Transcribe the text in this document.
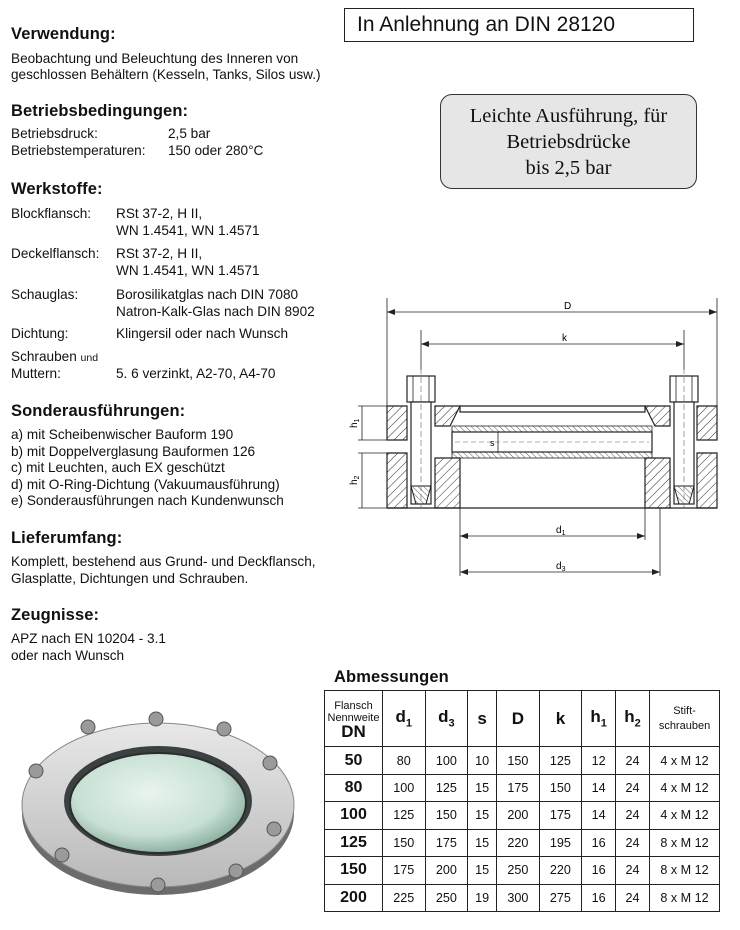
In Anlehnung an DIN 28120
Leichte Ausführung, für
Betriebsdrücke
bis 2,5 bar
Verwendung:
Beobachtung und Beleuchtung des Inneren von
geschlossen Behältern (Kesseln, Tanks, Silos usw.)
Betriebsbedingungen:
Betriebsdruck:	2,5 bar
Betriebstemperaturen: 150 oder 280°C
Werkstoffe:
Blockflansch: RSt 37-2, H II,
WN 1.4541, WN 1.4571
Deckelflansch: RSt 37-2, H II,
WN 1.4541, WN 1.4571
Schauglas:	Borosilikatglas nach DIN 7080
Natron-Kalk-Glas nach DIN 8902
Dichtung:	Klingersil oder nach Wunsch
Schrauben und
Muttern:	5. 6 verzinkt, A2-70, A4-70
Sonderausführungen:
a) mit Scheibenwischer Bauform 190
b) mit Doppelverglasung Bauformen 126
c) mit Leuchten, auch EX geschützt
d) mit O-Ring-Dichtung (Vakuumausführung)
e) Sonderausführungen nach Kundenwunsch
Lieferumfang:
Komplett, bestehend aus Grund- und Deckflansch,
Glasplatte, Dichtungen und Schrauben.
Zeugnisse:
APZ nach EN 10204 - 3.1
oder nach Wunsch
D
k
$h_1$
$h_2$
s
$d_1$
$d_3$
Abmessungen
Flansch
Nennweite
DN	$d_1$	$d_3$	s	D	k	$h_1$	$h_2$	Stift-
schrauben
50	80	100	10	150	125	12	24	4 x M 12
80	100	125	15	175	150	14	24	4 x M 12
100	125	150	15	200	175	14	24	4 x M 12
125	150	175	15	220	195	16	24	8 x M 12
150	175	200	15	250	220	16	24	8 x M 12
200	225	250	19	300	275	16	24	8 x M 12
